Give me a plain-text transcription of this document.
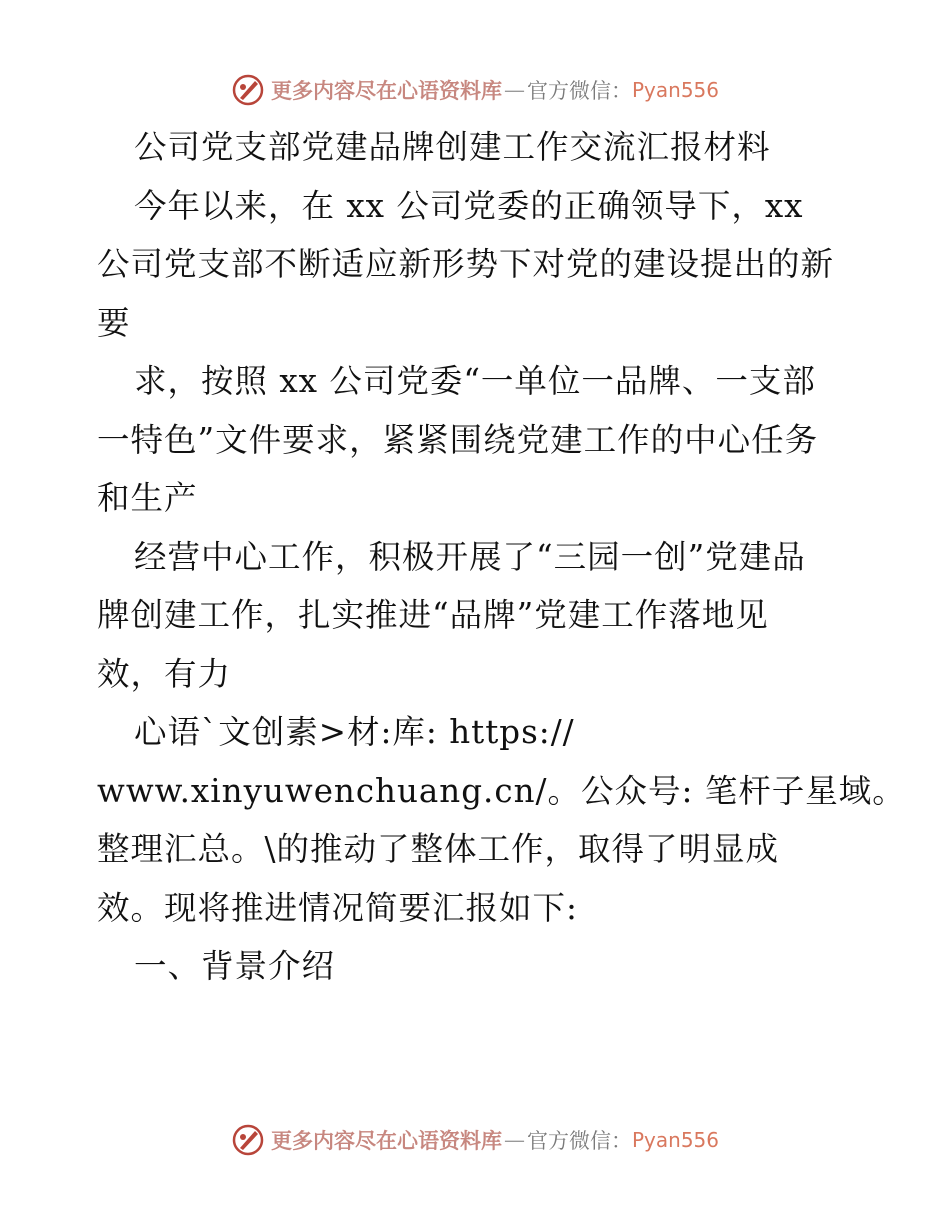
更多内容尽在心语资料库 — 官方微信： Pyan556
公司党支部党建品牌创建工作交流汇报材料
今年以来，在 xx 公司党委的正确领导下，xx
公司党支部不断适应新形势下对党的建设提出的新
要
求，按照 xx 公司党委“一单位一品牌、一支部
一特色”文件要求，紧紧围绕党建工作的中心任务
和生产
经营中心工作，积极开展了“三园一创”党建品
牌创建工作，扎实推进“品牌”党建工作落地见
效，有力
心语`文创素>材:库: https://
www.xinyuwenchuang.cn/。公众号: 笔杆子星域。
整理汇总。\的推动了整体工作，取得了明显成
效。现将推进情况简要汇报如下:
一、背景介绍
更多内容尽在心语资料库 — 官方微信： Pyan556
